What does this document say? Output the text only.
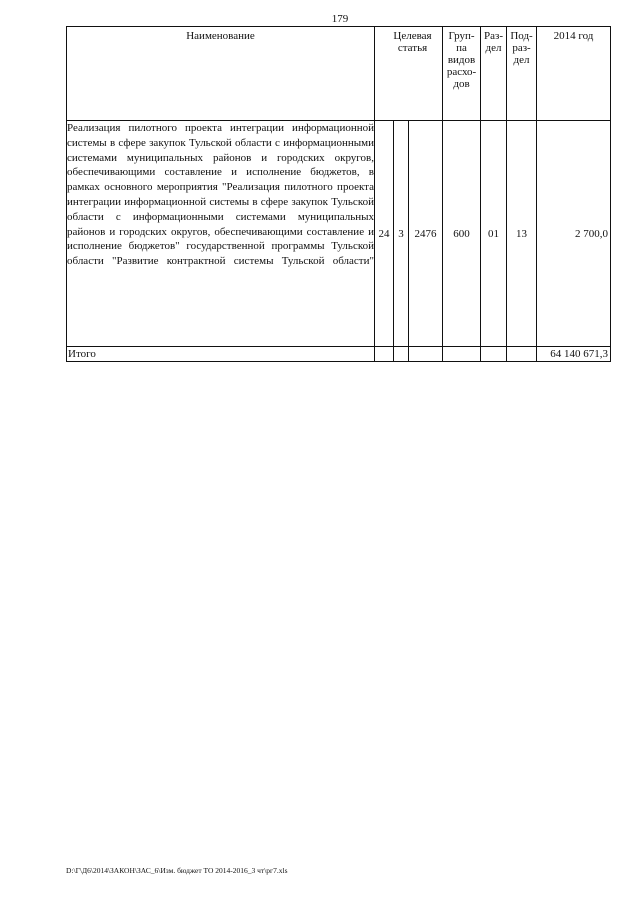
179
Наименование	Целевая статья			Груп-па видов расхо-дов	Раз-дел	Под-раз-дел	2014 год
Реализация пилотного проекта интеграции информационной системы в сфере закупок Тульской области с информационными системами муниципальных районов и городских округов, обеспечивающими составление и исполнение бюджетов, в рамках основного мероприятия "Реализация пилотного проекта интеграции информационной системы в сфере закупок Тульской области с информационными системами муниципальных районов и городских округов, обеспечивающими составление и исполнение бюджетов" государственной программы Тульской области "Развитие контрактной системы Тульской области"	24	3	2476	600	01	13	2 700,0
Итого							64 140 671,3
D:\Г\Д6\2014\ЗАКОН\ЗАС_6\Изм. бюджет ТО 2014-2016_3 чт\рг7.xls
